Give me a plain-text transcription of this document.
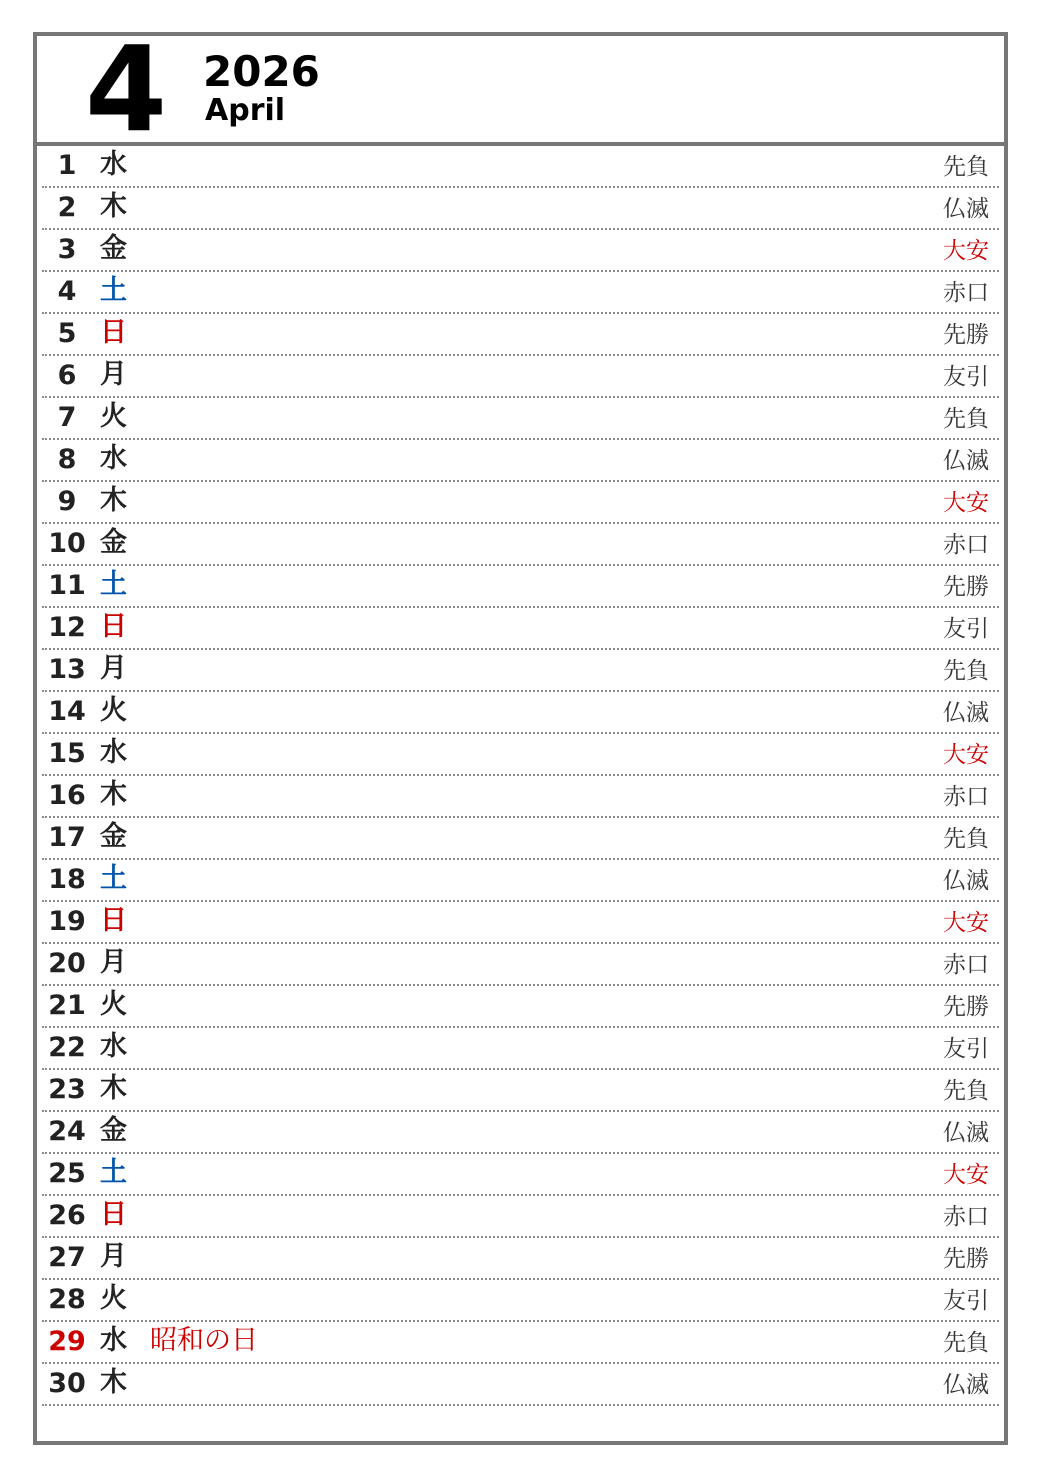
4 2026
April
1 水	先負
2 木	仏滅
3 金	大安
4 土	赤口
5 日	先勝
6 月	友引
7 火	先負
8 水	仏滅
9 木	大安
10 金	赤口
11 土	先勝
12 日	友引
13 月	先負
14 火	仏滅
15 水	大安
16 木	赤口
17 金	先負
18 土	仏滅
19 日	大安
20 月	赤口
21 火	先勝
22 水	友引
23 木	先負
24 金	仏滅
25 土	大安
26 日	赤口
27 月	先勝
28 火	友引
29 水 昭和の日	先負
30 木	仏滅
